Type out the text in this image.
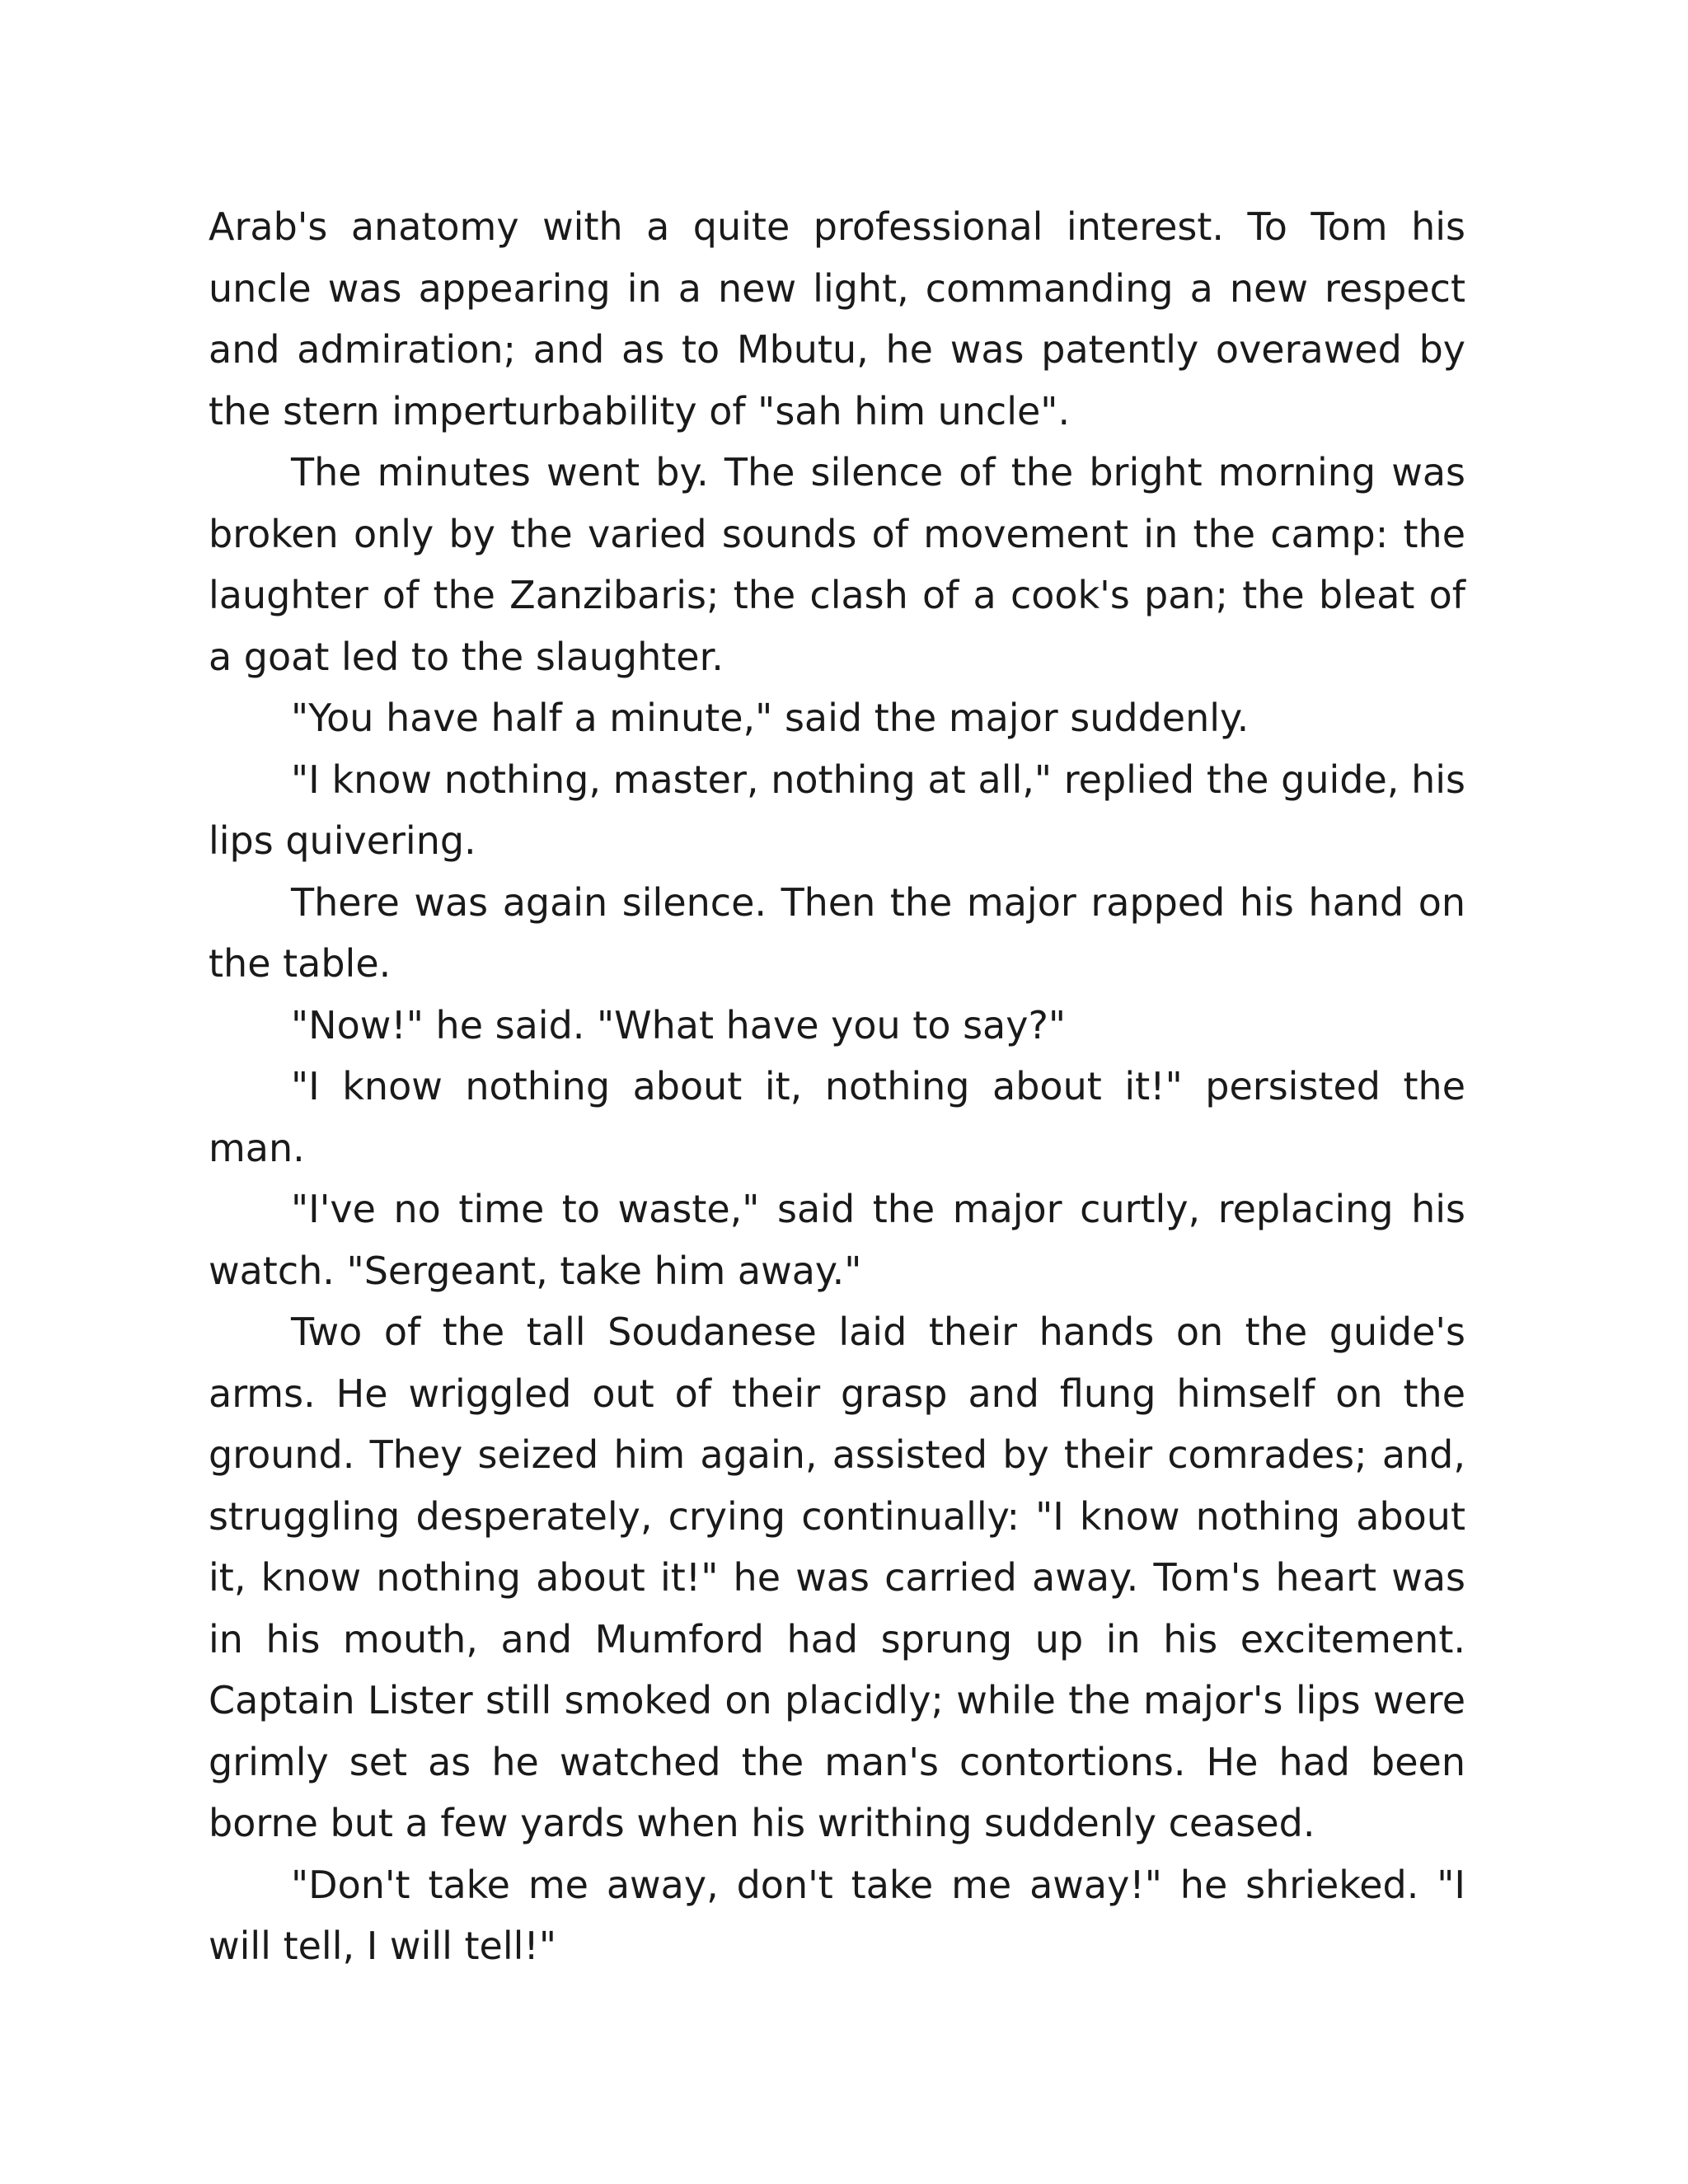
Arab's anatomy with a quite professional interest. To Tom his uncle was appearing in a new light, commanding a new respect and admiration; and as to Mbutu, he was patently overawed by the stern imperturbability of "sah him uncle".

The minutes went by. The silence of the bright morning was broken only by the varied sounds of movement in the camp: the laughter of the Zanzibaris; the clash of a cook's pan; the bleat of a goat led to the slaughter.

"You have half a minute," said the major suddenly.

"I know nothing, master, nothing at all," replied the guide, his lips quivering.

There was again silence. Then the major rapped his hand on the table.

"Now!" he said. "What have you to say?"

"I know nothing about it, nothing about it!" persisted the man.

"I've no time to waste," said the major curtly, replacing his watch. "Sergeant, take him away."

Two of the tall Soudanese laid their hands on the guide's arms. He wriggled out of their grasp and flung himself on the ground. They seized him again, assisted by their comrades; and, struggling desperately, crying continually: "I know nothing about it, know nothing about it!" he was carried away. Tom's heart was in his mouth, and Mumford had sprung up in his excitement. Captain Lister still smoked on placidly; while the major's lips were grimly set as he watched the man's contortions. He had been borne but a few yards when his writhing suddenly ceased.

"Don't take me away, don't take me away!" he shrieked. "I will tell, I will tell!"
